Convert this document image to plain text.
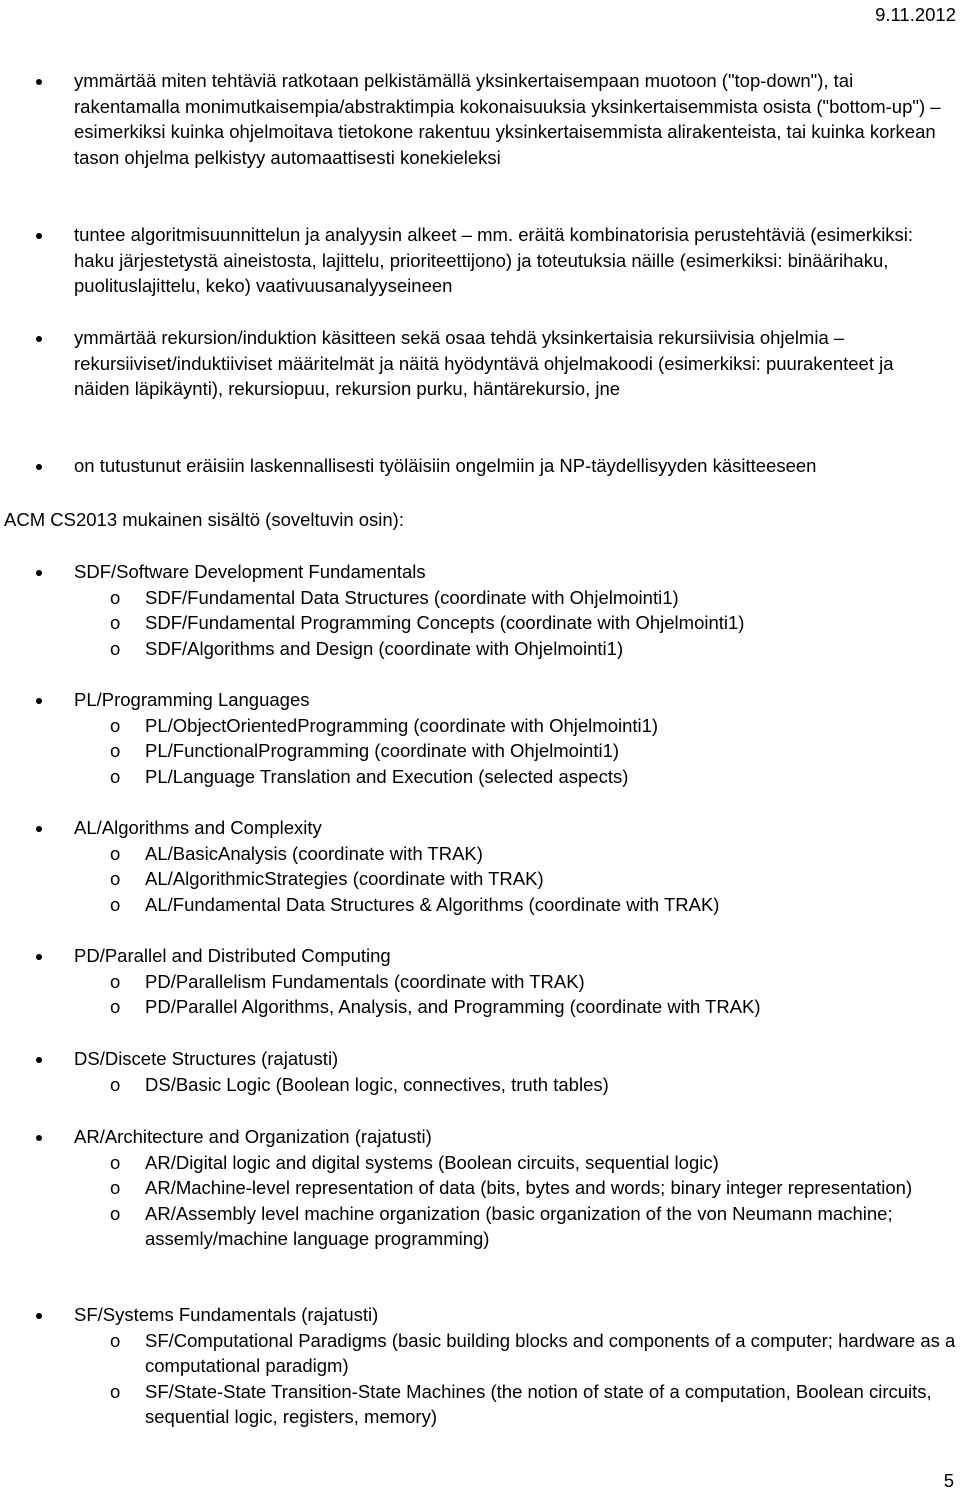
9.11.2012
ymmärtää miten tehtäviä ratkotaan pelkistämällä yksinkertaisempaan muotoon ("top-down"), tai rakentamalla monimutkaisempia/abstraktimpia kokonaisuuksia yksinkertaisemmista osista ("bottom-up") – esimerkiksi kuinka ohjelmoitava tietokone rakentuu yksinkertaisemmista alirakenteista, tai kuinka korkean tason ohjelma pelkistyy automaattisesti konekieleksi
tuntee algoritmisuunnittelun ja analyysin alkeet – mm. eräitä kombinatorisia perustehtäviä (esimerkiksi: haku järjestetystä aineistosta, lajittelu, prioriteettijono) ja toteutuksia näille (esimerkiksi: binäärihaku, puolituslajittelu, keko) vaativuusanalyyseineen
ymmärtää rekursion/induktion käsitteen sekä osaa tehdä yksinkertaisia rekursiivisia ohjelmia – rekursiiviset/induktiiviset määritelmät ja näitä hyödyntävä ohjelmakoodi (esimerkiksi: puurakenteet ja näiden läpikäynti), rekursiopuu, rekursion purku, häntärekursio, jne
on tutustunut eräisiin laskennallisesti työläisiin ongelmiin ja NP-täydellisyyden käsitteeseen
ACM CS2013 mukainen sisältö (soveltuvin osin):
SDF/Software Development Fundamentals
o SDF/Fundamental Data Structures (coordinate with Ohjelmointi1)
o SDF/Fundamental Programming Concepts (coordinate with Ohjelmointi1)
o SDF/Algorithms and Design (coordinate with Ohjelmointi1)
PL/Programming Languages
o PL/ObjectOrientedProgramming (coordinate with Ohjelmointi1)
o PL/FunctionalProgramming (coordinate with Ohjelmointi1)
o PL/Language Translation and Execution (selected aspects)
AL/Algorithms and Complexity
o AL/BasicAnalysis (coordinate with TRAK)
o AL/AlgorithmicStrategies (coordinate with TRAK)
o AL/Fundamental Data Structures & Algorithms (coordinate with TRAK)
PD/Parallel and Distributed Computing
o PD/Parallelism Fundamentals (coordinate with TRAK)
o PD/Parallel Algorithms, Analysis, and Programming (coordinate with TRAK)
DS/Discete Structures (rajatusti)
o DS/Basic Logic (Boolean logic, connectives, truth tables)
AR/Architecture and Organization (rajatusti)
o AR/Digital logic and digital systems (Boolean circuits, sequential logic)
o AR/Machine-level representation of data (bits, bytes and words; binary integer representation)
o AR/Assembly level machine organization (basic organization of the von Neumann machine; assemly/machine language programming)
SF/Systems Fundamentals (rajatusti)
o SF/Computational Paradigms (basic building blocks and components of a computer; hardware as a computational paradigm)
o SF/State-State Transition-State Machines (the notion of state of a computation, Boolean circuits, sequential logic, registers, memory)
5
